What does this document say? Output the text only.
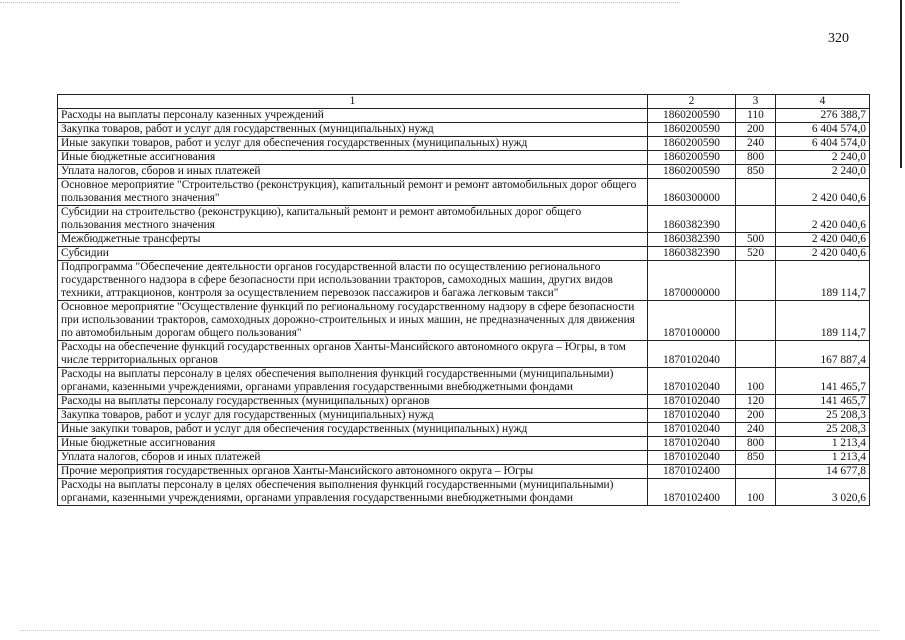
320
1	2	3	4
Расходы на выплаты персоналу казенных учреждений	1860200590	110	276 388,7
Закупка товаров, работ и услуг для государственных (муниципальных) нужд	1860200590	200	6 404 574,0
Иные закупки товаров, работ и услуг для обеспечения государственных (муниципальных) нужд	1860200590	240	6 404 574,0
Иные бюджетные ассигнования	1860200590	800	2 240,0
Уплата налогов, сборов и иных платежей	1860200590	850	2 240,0
Основное мероприятие "Строительство (реконструкция), капитальный ремонт и ремонт автомобильных дорог общего пользования местного значения"	1860300000		2 420 040,6
Субсидии на строительство (реконструкцию), капитальный ремонт и ремонт автомобильных дорог общего пользования местного значения	1860382390		2 420 040,6
Межбюджетные трансферты	1860382390	500	2 420 040,6
Субсидии	1860382390	520	2 420 040,6
Подпрограмма "Обеспечение деятельности органов государственной власти по осуществлению регионального государственного надзора в сфере безопасности при использовании тракторов, самоходных машин, других видов техники, аттракционов, контроля за осуществлением перевозок пассажиров и багажа легковым такси"	1870000000		189 114,7
Основное мероприятие "Осуществление функций по региональному государственному надзору в сфере безопасности при использовании тракторов, самоходных дорожно-строительных и иных машин, не предназначенных для движения по автомобильным дорогам общего пользования"	1870100000		189 114,7
Расходы на обеспечение функций государственных органов Ханты-Мансийского автономного округа – Югры, в том числе территориальных органов	1870102040		167 887,4
Расходы на выплаты персоналу в целях обеспечения выполнения функций государственными (муниципальными) органами, казенными учреждениями, органами управления государственными внебюджетными фондами	1870102040	100	141 465,7
Расходы на выплаты персоналу государственных (муниципальных) органов	1870102040	120	141 465,7
Закупка товаров, работ и услуг для государственных (муниципальных) нужд	1870102040	200	25 208,3
Иные закупки товаров, работ и услуг для обеспечения государственных (муниципальных) нужд	1870102040	240	25 208,3
Иные бюджетные ассигнования	1870102040	800	1 213,4
Уплата налогов, сборов и иных платежей	1870102040	850	1 213,4
Прочие мероприятия государственных органов Ханты-Мансийского автономного округа – Югры	1870102400		14 677,8
Расходы на выплаты персоналу в целях обеспечения выполнения функций государственными (муниципальными) органами, казенными учреждениями, органами управления государственными внебюджетными фондами	1870102400	100	3 020,6
